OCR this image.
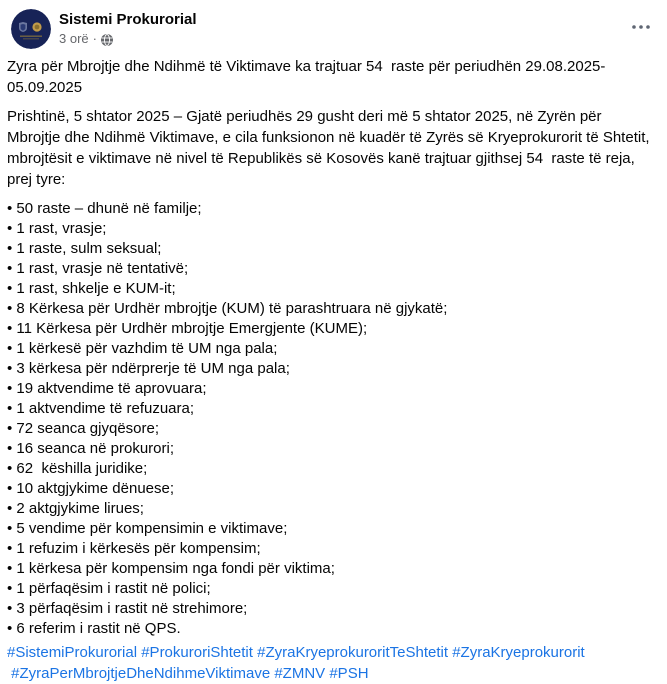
Sistemi Prokurorial
3 orë ·
Zyra për Mbrojtje dhe Ndihmë të Viktimave ka trajtuar 54  raste për periudhën 29.08.2025-05.09.2025
Prishtinë, 5 shtator 2025 – Gjatë periudhës 29 gusht deri më 5 shtator 2025, në Zyrën për Mbrojtje dhe Ndihmë Viktimave, e cila funksionon në kuadër të Zyrës së Kryeprokurorit të Shtetit, mbrojtësit e viktimave në nivel të Republikës së Kosovës kanë trajtuar gjithsej 54  raste të reja, prej tyre:
• 50 raste – dhunë në familje;
• 1 rast, vrasje;
• 1 raste, sulm seksual;
• 1 rast, vrasje në tentativë;
• 1 rast, shkelje e KUM-it;
• 8 Kërkesa për Urdhër mbrojtje (KUM) të parashtruara në gjykatë;
• 11 Kërkesa për Urdhër mbrojtje Emergjente (KUME);
• 1 kërkesë për vazhdim të UM nga pala;
• 3 kërkesa për ndërprerje të UM nga pala;
• 19 aktvendime të aprovuara;
• 1 aktvendime të refuzuara;
• 72 seanca gjyqësore;
• 16 seanca në prokurori;
• 62  këshilla juridike;
• 10 aktgjykime dënuese;
• 2 aktgjykime lirues;
• 5 vendime për kompensimin e viktimave;
• 1 refuzim i kërkesës për kompensim;
• 1 kërkesa për kompensim nga fondi për viktima;
• 1 përfaqësim i rastit në polici;
• 3 përfaqësim i rastit në strehimore;
• 6 referim i rastit në QPS.
#SistemiProkurorial #ProkuroriShtetit #ZyraKryeprokuroritTeShtetit #ZyraKryeprokurorit #ZyraPerMbrojtjeDheNdihmeViktimave #ZMNV #PSH
